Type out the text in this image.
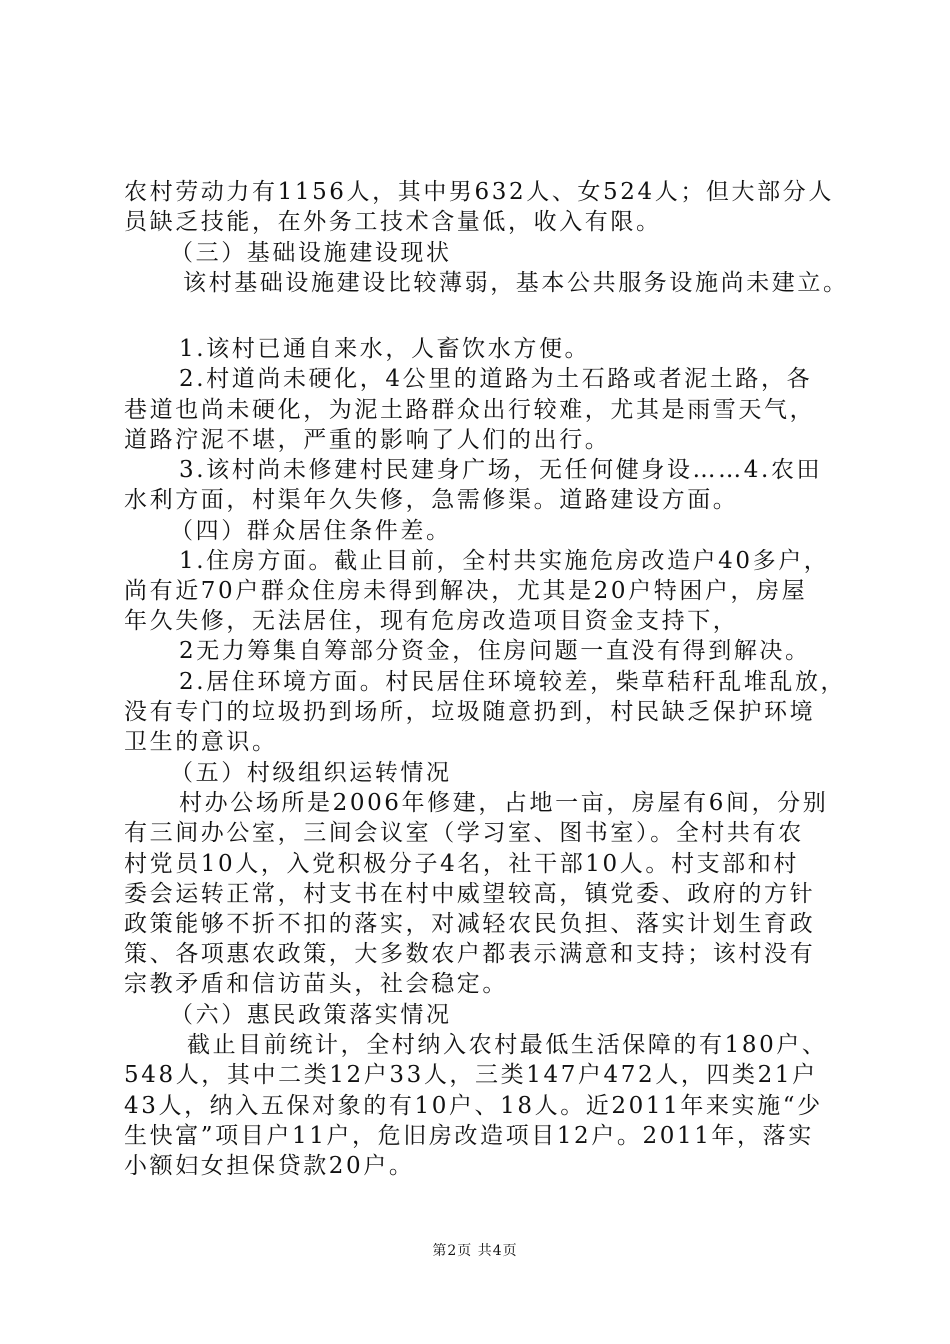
农村劳动力有1156人，其中男632人、女524人；但大部分人
员缺乏技能，在外务工技术含量低，收入有限。
（三）基础设施建设现状
该村基础设施建设比较薄弱，基本公共服务设施尚未建立。
1.该村已通自来水，人畜饮水方便。
2.村道尚未硬化，4公里的道路为土石路或者泥土路，各
巷道也尚未硬化，为泥土路群众出行较难，尤其是雨雪天气，
道路泞泥不堪，严重的影响了人们的出行。
3.该村尚未修建村民建身广场，无任何健身设……4.农田
水利方面，村渠年久失修，急需修渠。道路建设方面。
（四）群众居住条件差。
1.住房方面。截止目前，全村共实施危房改造户40多户，
尚有近70户群众住房未得到解决，尤其是20户特困户，房屋
年久失修，无法居住，现有危房改造项目资金支持下，
2无力筹集自筹部分资金，住房问题一直没有得到解决。
2.居住环境方面。村民居住环境较差，柴草秸秆乱堆乱放，
没有专门的垃圾扔到场所，垃圾随意扔到，村民缺乏保护环境
卫生的意识。
（五）村级组织运转情况
村办公场所是2006年修建，占地一亩，房屋有6间，分别
有三间办公室，三间会议室（学习室、图书室）。全村共有农
村党员10人，入党积极分子4名，社干部10人。村支部和村
委会运转正常，村支书在村中威望较高，镇党委、政府的方针
政策能够不折不扣的落实，对减轻农民负担、落实计划生育政
策、各项惠农政策，大多数农户都表示满意和支持；该村没有
宗教矛盾和信访苗头，社会稳定。
（六）惠民政策落实情况
截止目前统计，全村纳入农村最低生活保障的有180户、
548人，其中二类12户33人，三类147户472人，四类21户
43人，纳入五保对象的有10户、18人。近2011年来实施“少
生快富”项目户11户，危旧房改造项目12户。2011年，落实
小额妇女担保贷款20户。
第2页 共4页
